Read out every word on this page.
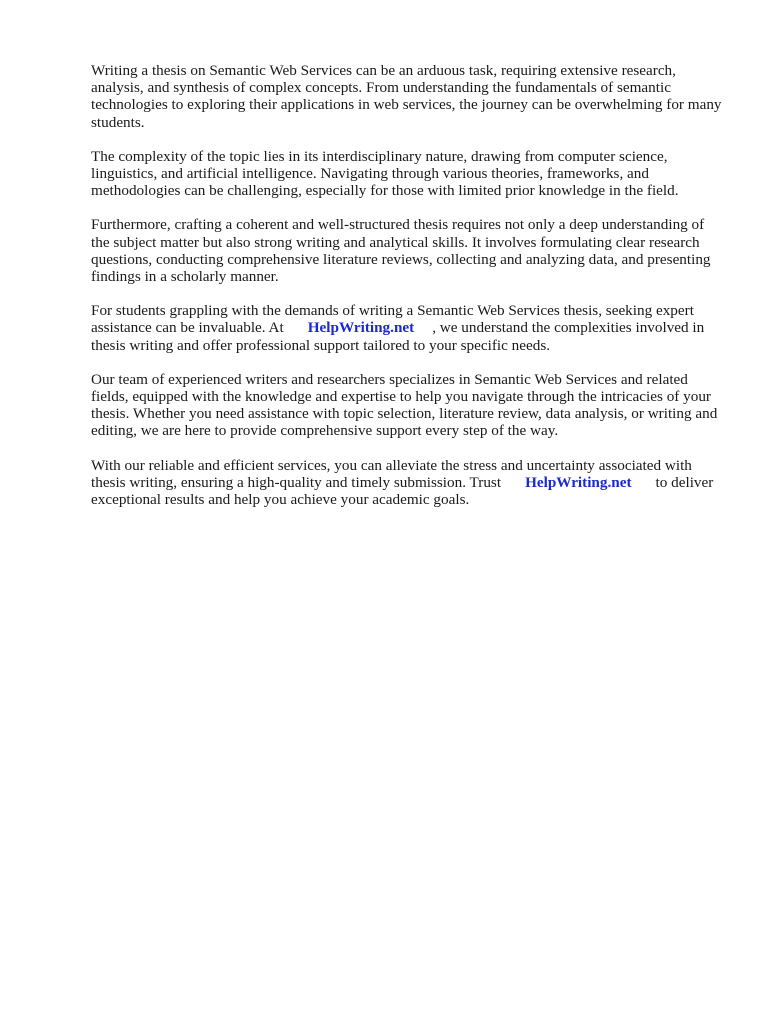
Writing a thesis on Semantic Web Services can be an arduous task, requiring extensive research, analysis, and synthesis of complex concepts. From understanding the fundamentals of semantic technologies to exploring their applications in web services, the journey can be overwhelming for many students.

The complexity of the topic lies in its interdisciplinary nature, drawing from computer science, linguistics, and artificial intelligence. Navigating through various theories, frameworks, and methodologies can be challenging, especially for those with limited prior knowledge in the field.

Furthermore, crafting a coherent and well-structured thesis requires not only a deep understanding of the subject matter but also strong writing and analytical skills. It involves formulating clear research questions, conducting comprehensive literature reviews, collecting and analyzing data, and presenting findings in a scholarly manner.

For students grappling with the demands of writing a Semantic Web Services thesis, seeking expert assistance can be invaluable. At HelpWriting.net , we understand the complexities involved in thesis writing and offer professional support tailored to your specific needs.

Our team of experienced writers and researchers specializes in Semantic Web Services and related fields, equipped with the knowledge and expertise to help you navigate through the intricacies of your thesis. Whether you need assistance with topic selection, literature review, data analysis, or writing and editing, we are here to provide comprehensive support every step of the way.

With our reliable and efficient services, you can alleviate the stress and uncertainty associated with thesis writing, ensuring a high-quality and timely submission. Trust HelpWriting.net to deliver exceptional results and help you achieve your academic goals.
